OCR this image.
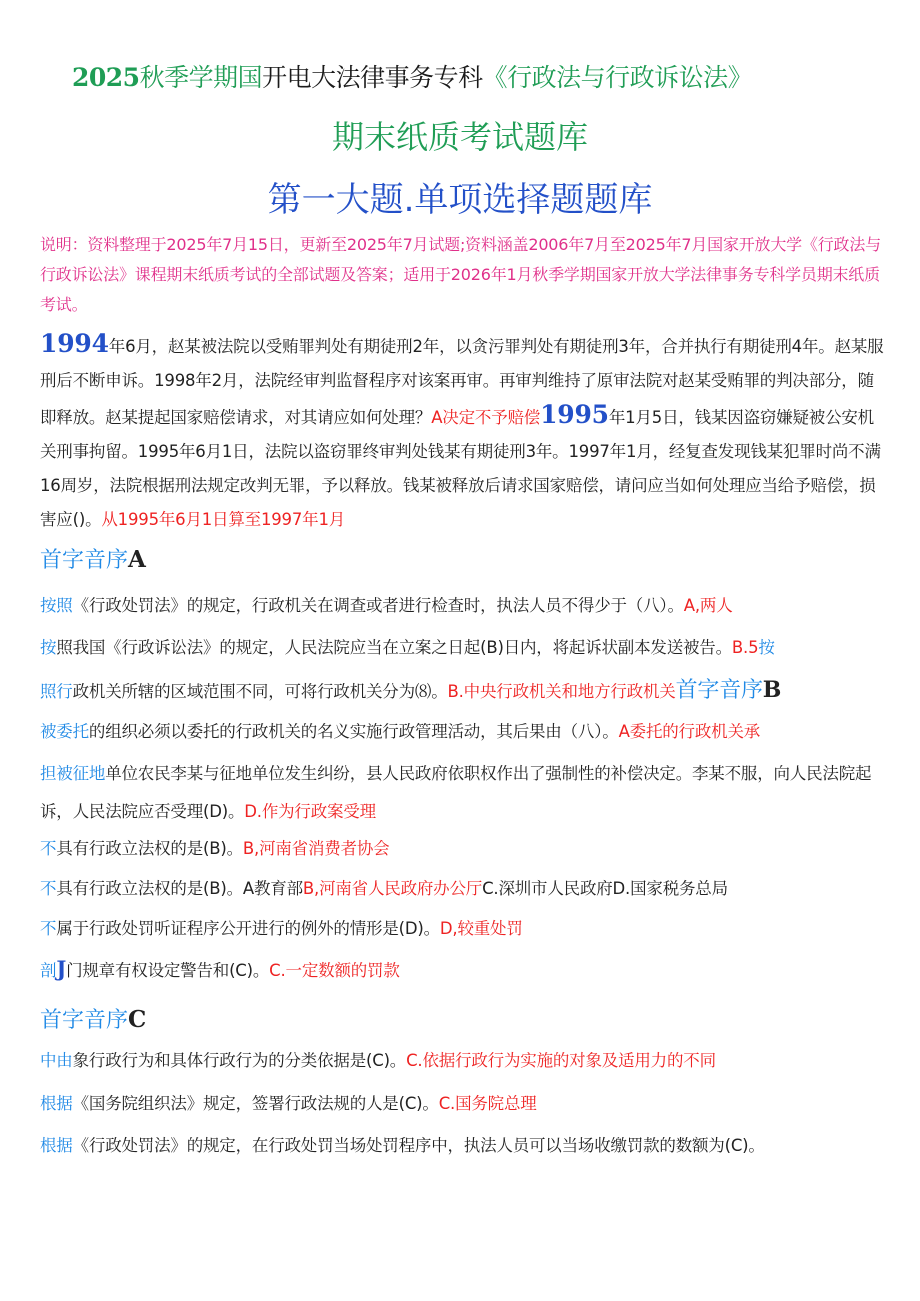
2025秋季学期国开电大法律事务专科《行政法与行政诉讼法》
期末纸质考试题库
第一大题.单项选择题题库
说明：资料整理于2025年7月15日，更新至2025年7月试题;资料涵盖2006年7月至2025年7月国家开放大学《行政法与行政诉讼法》课程期末纸质考试的全部试题及答案；适用于2026年1月秋季学期国家开放大学法律事务专科学员期末纸质考试。
1994年6月，赵某被法院以受贿罪判处有期徒刑2年，以贪污罪判处有期徒刑3年，合并执行有期徒刑4年。赵某服刑后不断申诉。1998年2月，法院经审判监督程序对该案再审。再审判维持了原审法院对赵某受贿罪的判决部分，随即释放。赵某提起国家赔偿请求，对其请应如何处理？A决定不予赔偿1995年1月5日，钱某因盗窃嫌疑被公安机关刑事拘留。1995年6月1日，法院以盗窃罪终审判处钱某有期徒刑3年。1997年1月，经复查发现钱某犯罪时尚不满16周岁，法院根据刑法规定改判无罪，予以释放。钱某被释放后请求国家赔偿，请问应当如何处理应当给予赔偿，损害应()。从1995年6月1日算至1997年1月
首字音序A
按照《行政处罚法》的规定，行政机关在调查或者进行检查时，执法人员不得少于（八）。A,两人
按照我国《行政诉讼法》的规定，人民法院应当在立案之日起(B)日内，将起诉状副本发送被告。B.5按
照行政机关所辖的区域范围不同，可将行政机关分为⑻。B.中央行政机关和地方行政机关首字音序B
被委托的组织必须以委托的行政机关的名义实施行政管理活动，其后果由（八）。A委托的行政机关承
担被征地单位农民李某与征地单位发生纠纷，县人民政府依职权作出了强制性的补偿决定。李某不服，向人民法院起诉，人民法院应否受理(D)。D.作为行政案受理
不具有行政立法权的是(B)。B,河南省消费者协会
不具有行政立法权的是(B)。A教育部B,河南省人民政府办公厅C.深圳市人民政府D.国家税务总局
不属于行政处罚听证程序公开进行的例外的情形是(D)。D,较重处罚
剖J门规章有权设定警告和(C)。C.一定数额的罚款
首字音序C
中由象行政行为和具体行政行为的分类依据是(C)。C.依据行政行为实施的对象及适用力的不同
根据《国务院组织法》规定，签署行政法规的人是(C)。C.国务院总理
根据《行政处罚法》的规定，在行政处罚当场处罚程序中，执法人员可以当场收缴罚款的数额为(C)。
